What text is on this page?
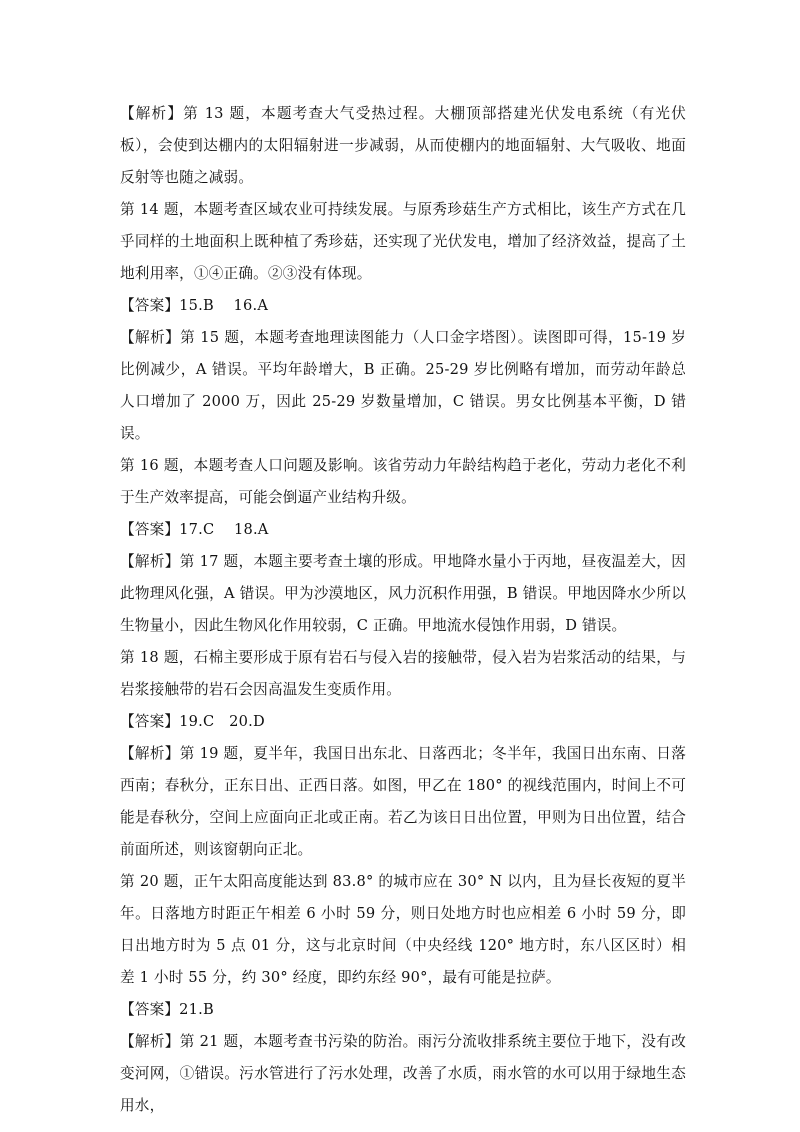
【解析】第 13 题，本题考查大气受热过程。大棚顶部搭建光伏发电系统（有光伏板），会使到达棚内的太阳辐射进一步减弱，从而使棚内的地面辐射、大气吸收、地面反射等也随之减弱。

第 14 题，本题考查区域农业可持续发展。与原秀珍菇生产方式相比，该生产方式在几乎同样的土地面积上既种植了秀珍菇，还实现了光伏发电，增加了经济效益，提高了土地利用率，①④正确。②③没有体现。

【答案】15.B　 16.A

【解析】第 15 题，本题考查地理读图能力（人口金字塔图）。读图即可得，15-19 岁比例减少，A 错误。平均年龄增大，B 正确。25-29 岁比例略有增加，而劳动年龄总人口增加了 2000 万，因此 25-29 岁数量增加，C 错误。男女比例基本平衡，D 错误。

第 16 题，本题考查人口问题及影响。该省劳动力年龄结构趋于老化，劳动力老化不利于生产效率提高，可能会倒逼产业结构升级。

【答案】17.C　 18.A

【解析】第 17 题，本题主要考查土壤的形成。甲地降水量小于丙地，昼夜温差大，因此物理风化强，A 错误。甲为沙漠地区，风力沉积作用强，B 错误。甲地因降水少所以生物量小，因此生物风化作用较弱，C 正确。甲地流水侵蚀作用弱，D 错误。

第 18 题，石棉主要形成于原有岩石与侵入岩的接触带，侵入岩为岩浆活动的结果，与岩浆接触带的岩石会因高温发生变质作用。

【答案】19.C　20.D

【解析】第 19 题，夏半年，我国日出东北、日落西北；冬半年，我国日出东南、日落西南；春秋分，正东日出、正西日落。如图，甲乙在 180° 的视线范围内，时间上不可能是春秋分，空间上应面向正北或正南。若乙为该日日出位置，甲则为日出位置，结合前面所述，则该窗朝向正北。

第 20 题，正午太阳高度能达到 83.8° 的城市应在 30° N 以内，且为昼长夜短的夏半年。日落地方时距正午相差 6 小时 59 分，则日处地方时也应相差 6 小时 59 分，即日出地方时为 5 点 01 分，这与北京时间（中央经线 120° 地方时，东八区区时）相差 1 小时 55 分，约 30° 经度，即约东经 90°，最有可能是拉萨。

【答案】21.B

【解析】第 21 题，本题考查书污染的防治。雨污分流收排系统主要位于地下，没有改变河网，①错误。污水管进行了污水处理，改善了水质，雨水管的水可以用于绿地生态用水，
